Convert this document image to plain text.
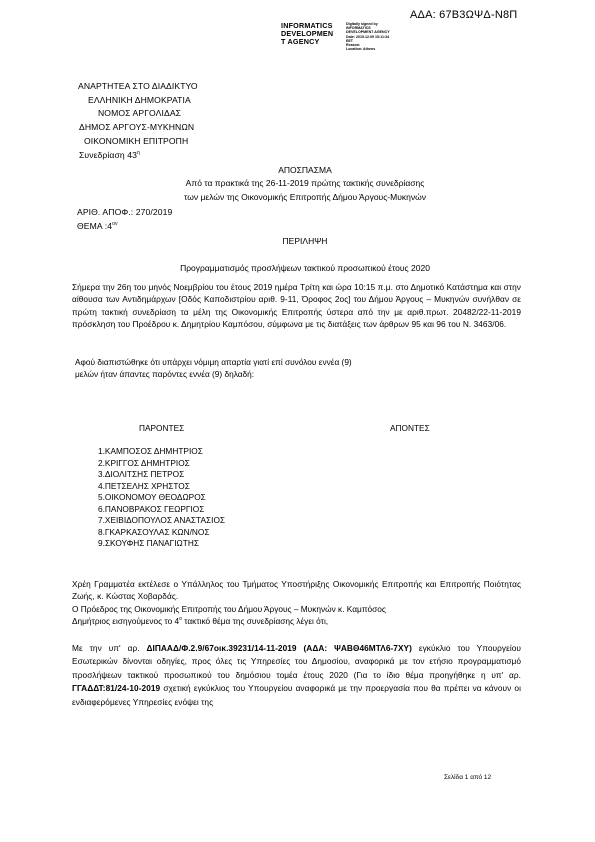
ΑΔΑ: 67Β3ΩΨΔ-Ν8Π
INFORMATICS
DEVELOPMEN
T AGENCY
Digitally signed by
INFORMATICS
DEVELOPMENT AGENCY
Date: 2019.12.09 15:11:34
EET
Reason:
Location: Athens
ΑΝΑΡΤΗΤΕΑ ΣΤΟ ΔΙΑΔΙΚΤΥΟ
ΕΛΛΗΝΙΚΗ ΔΗΜΟΚΡΑΤΙΑ
ΝΟΜΟΣ ΑΡΓΟΛΙΔΑΣ
ΔΗΜΟΣ ΑΡΓΟΥΣ-ΜΥΚΗΝΩΝ
ΟΙΚΟΝΟΜΙΚΗ ΕΠΙΤΡΟΠΗ
Συνεδρίαση $43^\eta$
ΑΠΟΣΠΑΣΜΑ
Από τα πρακτικά της 26-11-2019 πρώτης τακτικής συνεδρίασης
των μελών της Οικονομικής Επιτροπής Δήμου Άργους-Μυκηνών
ΑΡΙΘ. ΑΠΟΦ.: 270/2019
ΘΕΜΑ $:4^{o\nu}$
ΠΕΡΙΛΗΨΗ
Προγραμματισμός προσλήψεων τακτικού προσωπικού έτους 2020
Σήμερα την 26η του μηνός Νοεμβρίου του έτους 2019 ημέρα Τρίτη και ώρα 10:15 π.μ. στο Δημοτικό Κατάστημα και στην αίθουσα των Αντιδημάρχων [Οδός Καποδιστρίου αριθ. 9-11, Όροφος 2ος] του Δήμου Άργους – Μυκηνών συνήλθαν σε πρώτη τακτική συνεδρίαση τα μέλη της Οικονομικής Επιτροπής ύστερα από την με αριθ.πρωτ. 20482/22-11-2019 πρόσκληση του Προέδρου κ. Δημητρίου Καμπόσου, σύμφωνα με τις διατάξεις των άρθρων 95 και 96 του Ν. 3463/06.
Αφού διαπιστώθηκε ότι υπάρχει νόμιμη απαρτία γιατί επί συνόλου εννέα (9)
μελών ήταν άπαντες παρόντες εννέα (9) δηλαδή:
ΠΑΡΟΝΤΕΣ	ΑΠΟΝΤΕΣ
1.ΚΑΜΠΟΣΟΣ ΔΗΜΗΤΡΙΟΣ
2.ΚΡΙΓΓΟΣ ΔΗΜΗΤΡΙΟΣ
3.ΔΙΟΛΙΤΣΗΣ ΠΕΤΡΟΣ
4.ΠΕΤΣΕΛΗΣ ΧΡΗΣΤΟΣ
5.ΟΙΚΟΝΟΜΟΥ ΘΕΟΔΩΡΟΣ
6.ΠΑΝΟΒΡΑΚΟΣ ΓΕΩΡΓΙΟΣ
7.ΧΕΙΒΙΔΟΠΟΥΛΟΣ ΑΝΑΣΤΑΣΙΟΣ
8.ΓΚΑΡΚΑΣΟΥΛΑΣ ΚΩΝ/ΝΟΣ
9.ΣΚΟΥΦΗΣ ΠΑΝΑΓΙΩΤΗΣ
Χρέη Γραμματέα εκτέλεσε ο Υπάλληλος του Τμήματος Υποστήριξης Οικονομικής Επιτροπής και Επιτροπής Ποιότητας Ζωής, κ. Κώστας Χοβαρδάς.
Ο Πρόεδρος της Οικονομικής Επιτροπής του Δήμου Άργους – Μυκηνών κ. Καμπόσος
Δημήτριος εισηγούμενος το $4^o$ τακτικό θέμα της συνεδρίασης λέγει ότι,
Με την υπ' αρ. ΔΙΠΑΑΔ/Φ.2.9/67οικ.39231/14-11-2019 (ΑΔΑ: ΨΑΒΘ46ΜΤΛ6-7ΧΥ) εγκύκλιο του Υπουργείου Εσωτερικών δίνονται οδηγίες, προς όλες τις Υπηρεσίες του Δημοσίου, αναφορικά με τον ετήσιο προγραμματισμό προσλήψεων τακτικού προσωπικού του δημόσιου τομέα έτους 2020 (Για το ίδιο θέμα προηγήθηκε η υπ' αρ. ΓΓΑΔΔΤ:81/24-10-2019 σχετική εγκύκλιος του Υπουργείου αναφορικά με την προεργασία που θα πρέπει να κάνουν οι ενδιαφερόμενες Υπηρεσίες ενόψει της
Σελίδα 1 από 12
